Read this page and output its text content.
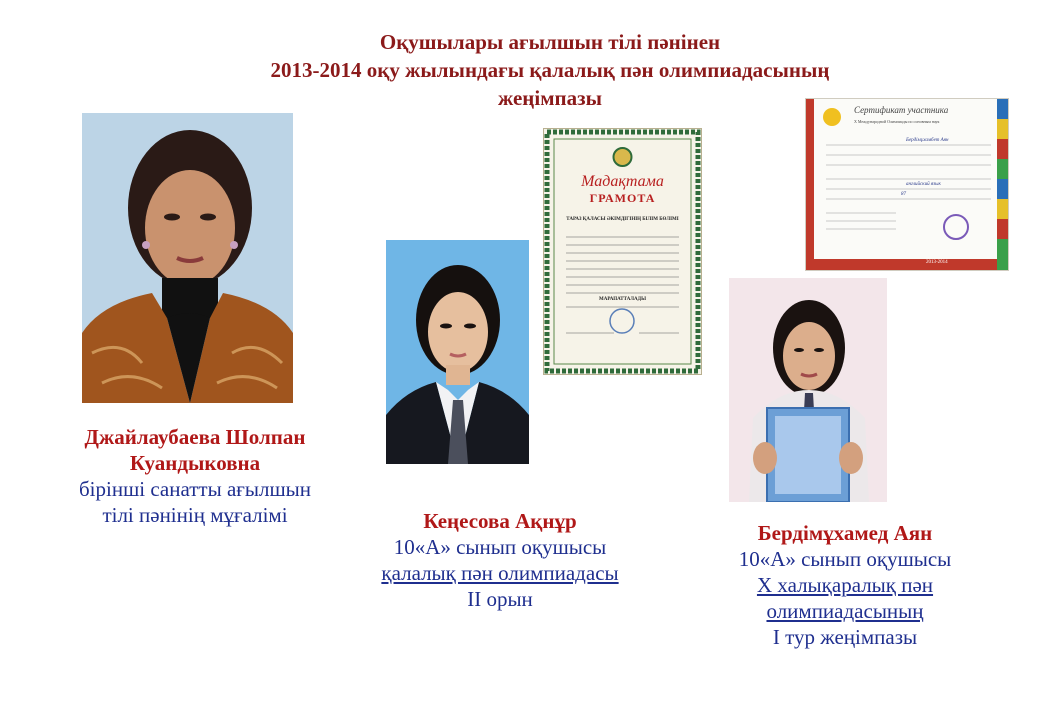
Оқушылары ағылшын тілі пәнінен
2013-2014 оқу жылындағы қалалық пән олимпиадасының
жеңімпазы
Джайлаубаева Шолпан
Куандыковна
бірінші санатты ағылшын
тілі пәнінің мұғалімі	Кеңесова Ақнұр
10«А» сынып оқушысы
қалалық пән олимпиадасы
ІІ орын
Мадақтама
ГРАМОТА
ТАРАЗ ҚАЛАСЫ ӘКІМДІГІНІҢ БІЛІМ БӨЛІМІ
МАРАПАТТАЛАДЫ
Сертификат участника
X Международной Олимпиады по основным наук
Бердімұхамбет Аян
английский язык
87
2013-2014
Бердімұхамед Аян
10«А» сынып оқушысы
Х халықаралық пән
олимпиадасының
І тур жеңімпазы
